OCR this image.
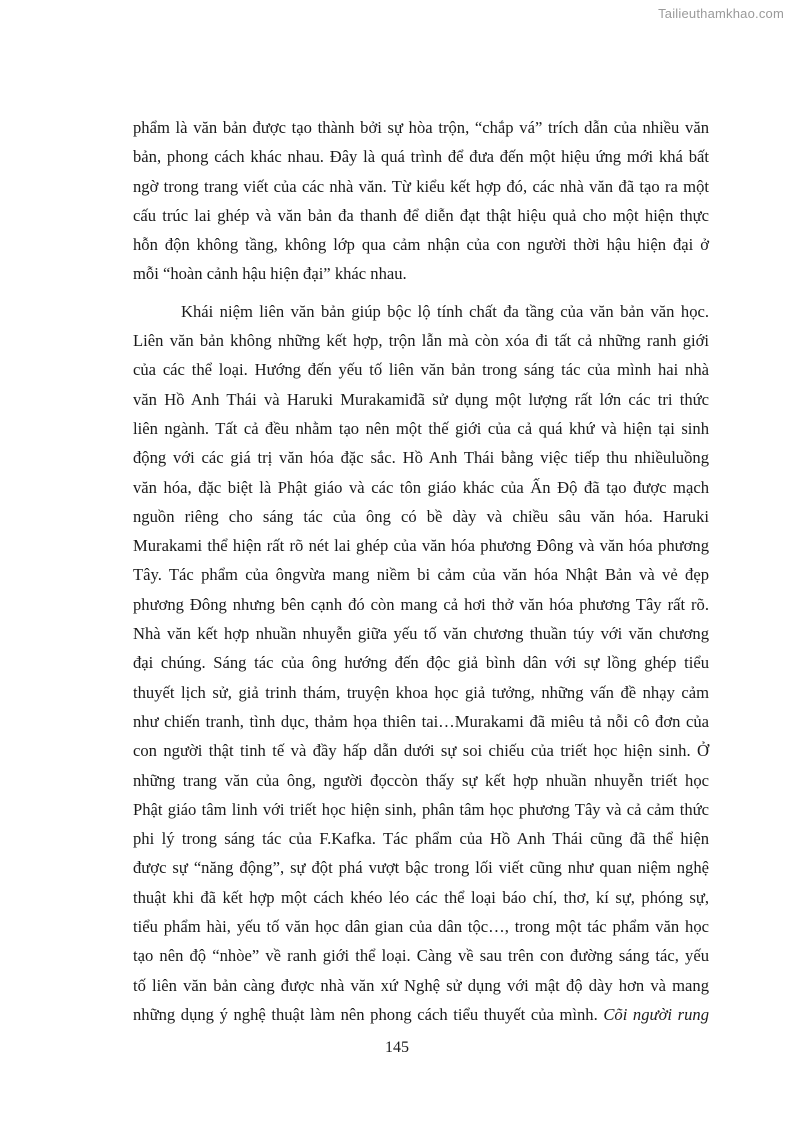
Tailieuthamkhao.com
phẩm là văn bản được tạo thành bởi sự hòa trộn, “chắp vá” trích dẫn của nhiều văn
bản, phong cách khác nhau. Đây là quá trình để đưa đến một hiệu ứng mới khá bất
ngờ trong trang viết của các nhà văn. Từ kiểu kết hợp đó, các nhà văn đã tạo ra một
cấu trúc lai ghép và văn bản đa thanh để diễn đạt thật hiệu quả cho một hiện thực
hỗn độn không tầng, không lớp qua cảm nhận của con người thời hậu hiện đại ở
mỗi “hoàn cảnh hậu hiện đại” khác nhau.
Khái niệm liên văn bản giúp bộc lộ tính chất đa tầng của văn bản văn học.
Liên văn bản không những kết hợp, trộn lẫn mà còn xóa đi tất cả những ranh giới
của các thể loại. Hướng đến yếu tố liên văn bản trong sáng tác của mình hai nhà
văn Hồ Anh Thái và Haruki Murakamiđã sử dụng một lượng rất lớn các tri thức
liên ngành. Tất cả đều nhằm tạo nên một thế giới của cả quá khứ và hiện tại sinh
động với các giá trị văn hóa đặc sắc. Hồ Anh Thái bằng việc tiếp thu nhiềuluồng
văn hóa, đặc biệt là Phật giáo và các tôn giáo khác của Ấn Độ đã tạo được mạch
nguồn riêng cho sáng tác của ông có bề dày và chiều sâu văn hóa. Haruki
Murakami thể hiện rất rõ nét lai ghép của văn hóa phương Đông và văn hóa phương
Tây. Tác phẩm của ôngvừa mang niềm bi cảm của văn hóa Nhật Bản và vẻ đẹp
phương Đông nhưng bên cạnh đó còn mang cả hơi thở văn hóa phương Tây rất rõ.
Nhà văn kết hợp nhuần nhuyễn giữa yếu tố văn chương thuần túy với văn chương
đại chúng. Sáng tác của ông hướng đến độc giả bình dân với sự lồng ghép tiểu
thuyết lịch sử, giả trinh thám, truyện khoa học giả tưởng, những vấn đề nhạy cảm
như chiến tranh, tình dục, thảm họa thiên tai…Murakami đã miêu tả nỗi cô đơn của
con người thật tinh tế và đầy hấp dẫn dưới sự soi chiếu của triết học hiện sinh. Ở
những trang văn của ông, người đọccòn thấy sự kết hợp nhuần nhuyễn triết học
Phật giáo tâm linh với triết học hiện sinh, phân tâm học phương Tây và cả cảm thức
phi lý trong sáng tác của F.Kafka. Tác phẩm của Hồ Anh Thái cũng đã thể hiện
được sự “năng động”, sự đột phá vượt bậc trong lối viết cũng như quan niệm nghệ
thuật khi đã kết hợp một cách khéo léo các thể loại báo chí, thơ, kí sự, phóng sự,
tiểu phẩm hài, yếu tố văn học dân gian của dân tộc…, trong một tác phẩm văn học
tạo nên độ “nhòe” về ranh giới thể loại. Càng về sau trên con đường sáng tác, yếu
tố liên văn bản càng được nhà văn xứ Nghệ sử dụng với mật độ dày hơn và mang
những dụng ý nghệ thuật làm nên phong cách tiểu thuyết của mình. Cõi người rung
145
